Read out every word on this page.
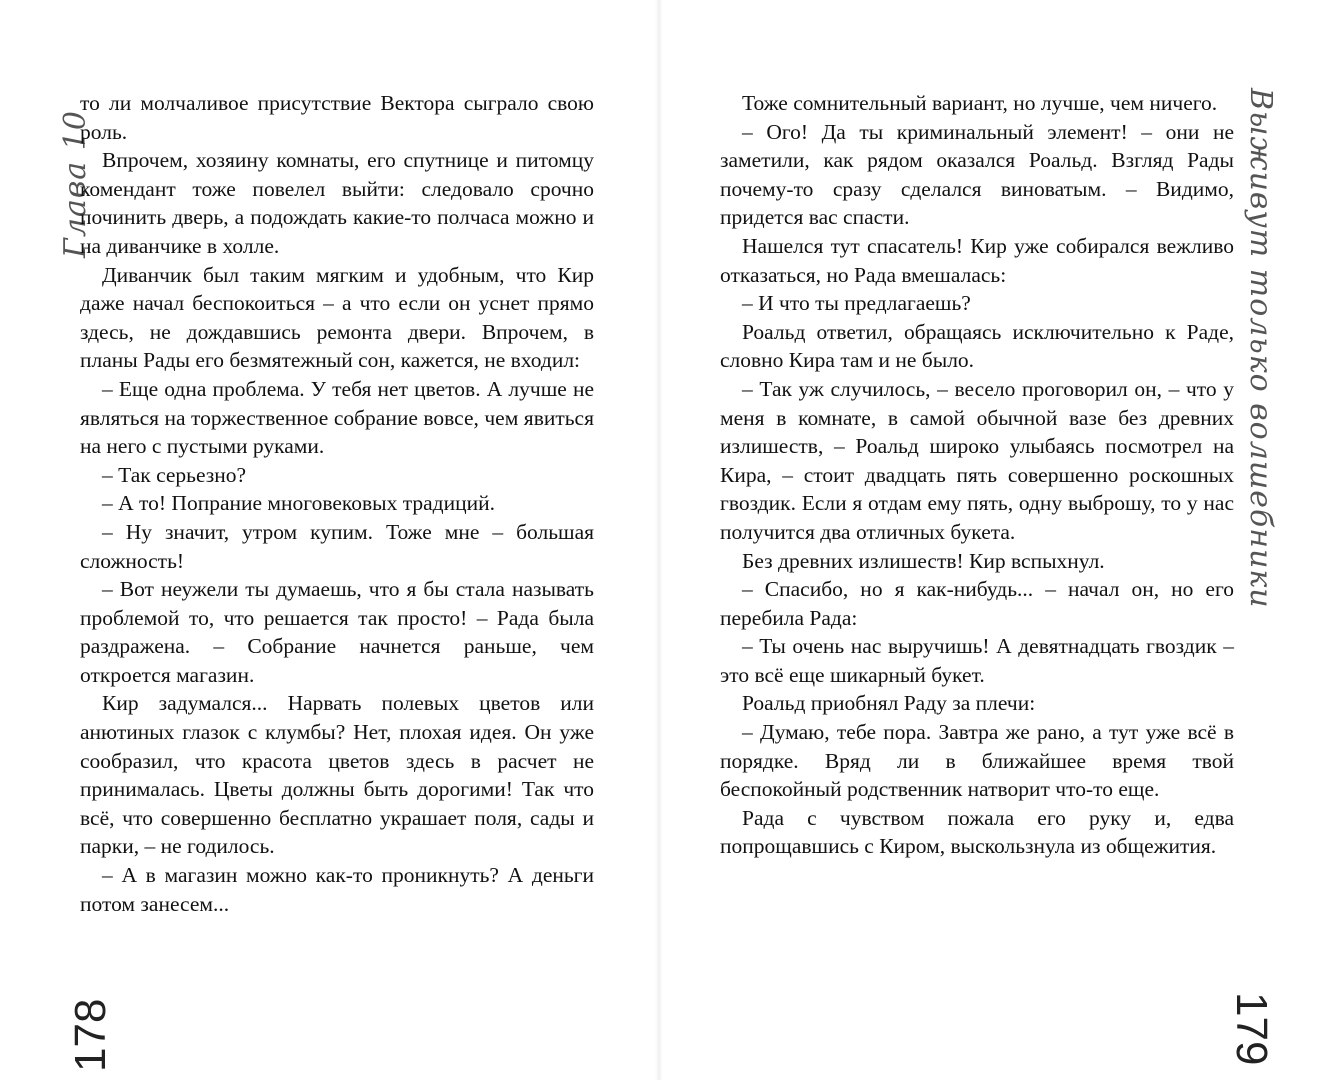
Глава 10
178

то ли молчаливое присутствие Вектора сыграло свою роль.

Впрочем, хозяину комнаты, его спутнице и питомцу комендант тоже повелел выйти: следовало срочно починить дверь, а подождать какие-то полчаса можно и на диванчике в холле.

Диванчик был таким мягким и удобным, что Кир даже начал беспокоиться – а что если он уснет прямо здесь, не дождавшись ремонта двери. Впрочем, в планы Рады его безмятежный сон, кажется, не входил:

– Еще одна проблема. У тебя нет цветов. А лучше не являться на торжественное собрание вовсе, чем явиться на него с пустыми руками.

– Так серьезно?

– А то! Попрание многовековых традиций.

– Ну значит, утром купим. Тоже мне – большая сложность!

– Вот неужели ты думаешь, что я бы стала называть проблемой то, что решается так просто! – Рада была раздражена. – Собрание начнется раньше, чем откроется магазин.

Кир задумался... Нарвать полевых цветов или анютиных глазок с клумбы? Нет, плохая идея. Он уже сообразил, что красота цветов здесь в расчет не принималась. Цветы должны быть дорогими! Так что всё, что совершенно бесплатно украшает поля, сады и парки, – не годилось.

– А в магазин можно как-то проникнуть? А деньги потом занесем...

Выживут только волшебники
179

Тоже сомнительный вариант, но лучше, чем ничего.

– Ого! Да ты криминальный элемент! – они не заметили, как рядом оказался Роальд. Взгляд Рады почему-то сразу сделался виноватым. – Видимо, придется вас спасти.

Нашелся тут спасатель! Кир уже собирался вежливо отказаться, но Рада вмешалась:

– И что ты предлагаешь?

Роальд ответил, обращаясь исключительно к Раде, словно Кира там и не было.

– Так уж случилось, – весело проговорил он, – что у меня в комнате, в самой обычной вазе без древних излишеств, – Роальд широко улыбаясь посмотрел на Кира, – стоит двадцать пять совершенно роскошных гвоздик. Если я отдам ему пять, одну выброшу, то у нас получится два отличных букета.

Без древних излишеств! Кир вспыхнул.

– Спасибо, но я как-нибудь... – начал он, но его перебила Рада:

– Ты очень нас выручишь! А девятнадцать гвоздик – это всё еще шикарный букет.

Роальд приобнял Раду за плечи:

– Думаю, тебе пора. Завтра же рано, а тут уже всё в порядке. Вряд ли в ближайшее время твой беспокойный родственник натворит что-то еще.

Рада с чувством пожала его руку и, едва попрощавшись с Киром, выскользнула из общежития.
